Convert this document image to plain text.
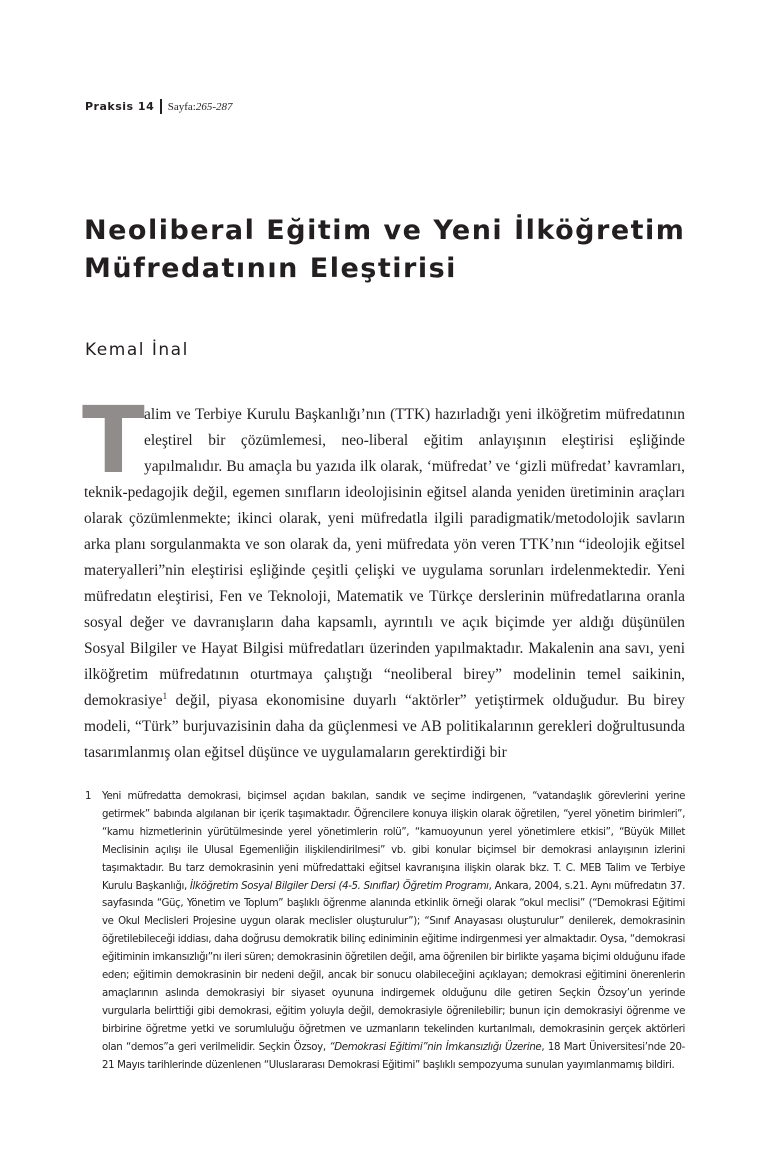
Praksis 14 Sayfa: 265-287
Neoliberal Eğitim ve Yeni İlköğretim
Müfredatının Eleştirisi
Kemal İnal

Talim ve Terbiye Kurulu Başkanlığı’nın (TTK) hazırladığı yeni ilköğretim müfredatının eleştirel bir çözümlemesi, neo-liberal eğitim anlayışının eleştirisi eşliğinde yapılmalıdır. Bu amaçla bu yazıda ilk olarak, ‘müfredat’ ve ‘gizli müfredat’ kavramları, teknik-pedagojik değil, egemen sınıfların ideolojisinin eğitsel alanda yeniden üretiminin araçları olarak çözümlenmekte; ikinci olarak, yeni müfredatla ilgili paradigmatik/metodolojik savların arka planı sorgulanmakta ve son olarak da, yeni müfredata yön veren TTK’nın “ideolojik eğitsel materyalleri”nin eleştirisi eşliğinde çeşitli çelişki ve uygulama sorunları irdelenmektedir. Yeni müfredatın eleştirisi, Fen ve Teknoloji, Matematik ve Türkçe derslerinin müfredatlarına oranla sosyal değer ve davranışların daha kapsamlı, ayrıntılı ve açık biçimde yer aldığı düşünülen Sosyal Bilgiler ve Hayat Bilgisi müfredatları üzerinden yapılmaktadır. Makalenin ana savı, yeni ilköğretim müfredatının oturtmaya çalıştığı “neoliberal birey” modelinin temel saikinin, demokrasiye$^1$ değil, piyasa ekonomisine duyarlı “aktörler” yetiştirmek olduğudur. Bu birey modeli, “Türk” burjuvazisinin daha da güçlenmesi ve AB politikalarının gerekleri doğrultusunda tasarımlanmış olan eğitsel düşünce ve uygulamaların gerektirdiği bir

1 Yeni müfredatta demokrasi, biçimsel açıdan bakılan, sandık ve seçime indirgenen, “vatandaşlık görevlerini yerine getirmek” babında algılanan bir içerik taşımaktadır. Öğrencilere konuya ilişkin olarak öğretilen, “yerel yönetim birimleri”, “kamu hizmetlerinin yürütülmesinde yerel yönetimlerin rolü”, “kamuoyunun yerel yönetimlere etkisi”, “Büyük Millet Meclisinin açılışı ile Ulusal Egemenliğin ilişkilendirilmesi” vb. gibi konular biçimsel bir demokrasi anlayışının izlerini taşımaktadır. Bu tarz demokrasinin yeni müfredattaki eğitsel kavranışına ilişkin olarak bkz. T. C. MEB Talim ve Terbiye Kurulu Başkanlığı, İlköğretim Sosyal Bilgiler Dersi (4-5. Sınıflar) Öğretim Programı, Ankara, 2004, s.21. Aynı müfredatın 37. sayfasında “Güç, Yönetim ve Toplum” başlıklı öğrenme alanında etkinlik örneği olarak “okul meclisi” (“Demokrasi Eğitimi ve Okul Meclisleri Projesine uygun olarak meclisler oluşturulur”); “Sınıf Anayasası oluşturulur” denilerek, demokrasinin öğretilebileceği iddiası, daha doğrusu demokratik bilinç ediniminin eğitime indirgenmesi yer almaktadır. Oysa, “demokrasi eğitiminin imkansızlığı”nı ileri süren; demokrasinin öğretilen değil, ama öğrenilen bir birlikte yaşama biçimi olduğunu ifade eden; eğitimin demokrasinin bir nedeni değil, ancak bir sonucu olabileceğini açıklayan; demokrasi eğitimini önerenlerin amaçlarının aslında demokrasiyi bir siyaset oyununa indirgemek olduğunu dile getiren Seçkin Özsoy’un yerinde vurgularla belirttiği gibi demokrasi, eğitim yoluyla değil, demokrasiyle öğrenilebilir; bunun için demokrasiyi öğrenme ve birbirine öğretme yetki ve sorumluluğu öğretmen ve uzmanların tekelinden kurtarılmalı, demokrasinin gerçek aktörleri olan “demos”a geri verilmelidir. Seçkin Özsoy, “Demokrasi Eğitimi”nin İmkansızlığı Üzerine, 18 Mart Üniversitesi’nde 20-21 Mayıs tarihlerinde düzenlenen “Uluslararası Demokrasi Eğitimi” başlıklı sempozyuma sunulan yayımlanmamış bildiri.
